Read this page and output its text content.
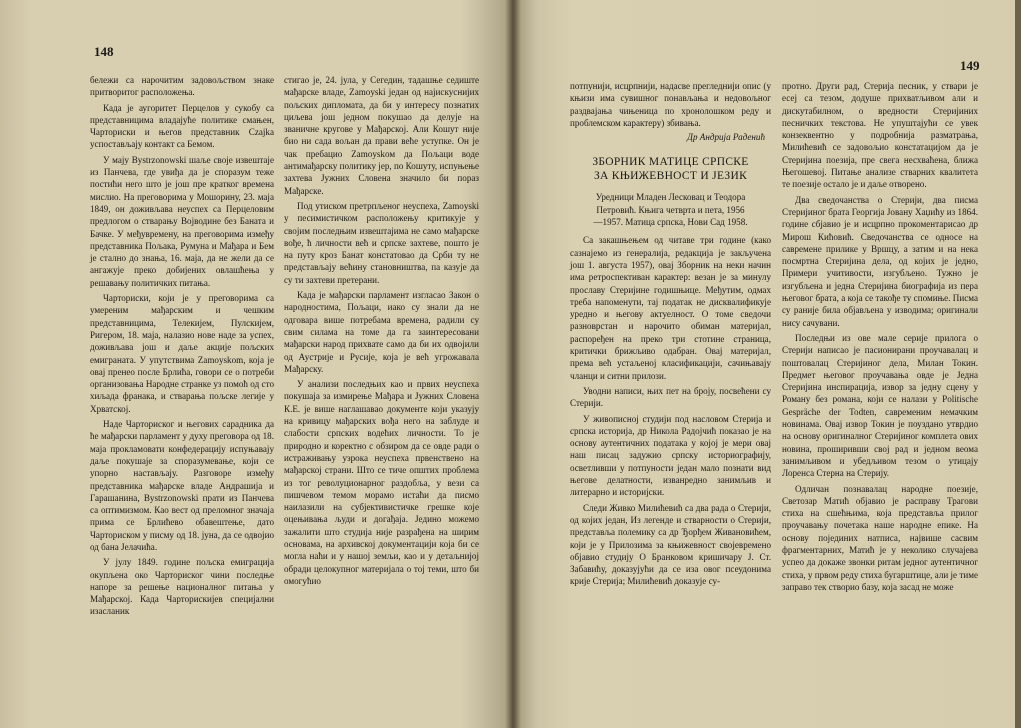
148

бележи са нарочитим задовољством знаке притворитог расположења.

Када је аугоритет Перцелов у сукобу са представницима владајуће политике смањен, Чарториски и његов представник Czajka успостављају контакт са Бемом.

У мају Bystrzonowski шаље своје извештаје из Панчева, где увиђа да је споразум теже постићи него што је још пре кратког времена мислио. На преговорима у Мошорину, 23. маја 1849, он доживљава неуспех са Перцеловим предлогом о стварању Војводине без Баната и Бачке. У међувремену, на преговорима између представника Пољака, Румуна и Мађара и Бем је стално до знања, 16. маја, да не жели да се ангажује преко добијених овлашћења у решавању политичких питања.

Чарториски, који је у преговорима са умереним мађарским и чешким представницима, Телекијем, Пулскијем, Ригером, 18. маја, налазио нове наде за успех, доживљава још и даље акције пољских емиграната. У упутствима Zamoyskom, која је овај пренео после Брлића, говори се о потреби организовања Народне странке уз помоћ од сто хиљада франака, и стварања пољске легије у Хрватској.

Наде Чарториског и његових сарадника да ће мађарски парламент у духу преговора од 18. маја прокламовати конфедерацију испуњавају даље покушаје за споразумевање, који се упорно настављају. Разговоре између представника мађарске владе Андрашија и Гарашанина, Bystrzonowski прати из Панчева са оптимизмом. Као вест од преломног значаја прима се Брлићево обавештење, дато Чарториском у писму од 18. јуна, да се одвојио од бана Јелачића.

У јулу 1849. године пољска емиграција окупљена око Чарториског чини последње напоре за решење националног питања у Мађарској. Када Чарторискијев специјални изасланик

стигао је, 24. јула, у Сегедин, тадашње седиште мађарске владе, Zamoyski један од најискуснијих пољских дипломата, да би у интересу познатих циљева још једном покушао да делује на званичне кругове у Мађарској. Али Кошут није био ни сада вољан да прави веће уступке. Он је чак пребацио Zamoyskом да Пољаци воде антимађарску политику јер, по Кошуту, испуњење захтева Јужних Словена значило би пораз Мађарске.

Под утиском претрпљеног неуспеха, Zamoyski у песимистичком расположењу критикује у својим последњим извештајима не само мађарске вође, ћ личности већ и српске захтеве, пошто је на путу кроз Банат констатовао да Срби ту не представљају већину становништва, па казује да су ти захтеви претерани.

Када је мађарски парламент изгласао Закон о народностима, Пољаци, иако су знали да не одговара више потребама времена, радили су свим силама на томе да га заинтересовани мађарски народ прихвате само да би их одвојили од Аустрије и Русије, која је већ угрожавала Мађарску.

У анализи последњих као и првих неуспеха покушаја за измирење Мађара и Јужних Словена К.Е. је више наглашавао документе који указују на кривицу мађарских вођа него на заблуде и слабости српских водећих личности. То је природно и коректно с обзиром да се овде ради о истраживању узрока неуспеха првенствено на мађарској страни. Што се тиче општих проблема из тог револуционарног раздобља, у вези са пишчевом темом морамо истаћи да писмо наилазили на субјективистичке грешке које оцењивања људи и догађаја. Једино можемо зажалити што студија није разрађена на ширим основама, на архивској документацији која би се могла наћи и у нашој земљи, као и у детаљнијој обради целокупног материјала о тој теми, што би омогућио

149

потпунији, исцрпнији, надасве прегледнији опис (у књизи има сувишног понављања и недовољног раздвајања чињеница по хронолошком реду и проблемском карактеру) збивања.

Др Андрија Раденић
ЗБОРНИК МАТИЦЕ СРПСКЕ
ЗА КЊИЖЕВНОСТ И ЈЕЗИК
Уредници Младен Лесковац и Теодора
Петровић. Књига четврта и пета, 1956
—1957. Матица српска, Нови Сад 1958.

Са закашњењем од читаве три године (како сазнајемо из генералија, редакција је закључена још 1. августа 1957), овај Зборник на неки начин има ретроспективан карактер: везан је за минулу прославу Стеријине годишњице. Међутим, одмах треба напоменути, тај податак не дисквалификује уредно и његову актуелност. О томе сведочи разноврстан и нарочито обиман материјал, распоређен на преко три стотине страница, критички брижљиво одабран. Овај материјал, према већ устаљеној класификацији, сачињавају чланци и ситни прилози.

Уводни написи, њих пет на броју, посвећени су Стерији.

У живописној студији под насловом Стерија и српска историја, др Никола Радојчић показао је на основу аутентичних података у којој је мери овај наш писац задужио српску историографију, осветливши у потпуности један мало познати вид његове делатности, изванредно занимљив и литерарно и историјски.

Следи Живко Милићевић са два рада о Стерији, од којих један, Из легенде и стварности о Стерији, представља полемику са др Ђорђем Живановићем, који је у Прилозима за књижевност својевремено објавио студију О Бранковом кришичару Ј. Ст. Забавићу, доказујући да се иза овог псеудонима крије Стерија; Милићевић доказује су-

протно. Други рад, Стерија песник, у ствари је есеј са тезом, додуше прихватљивом али и дискутабилном, о вредности Стеријиних песничких текстова. Не упуштајући се увек конзеквентно у подробнија разматрања, Милићевић се задовољио констатацијом да је Стеријина поезија, пре свега несхваћена, ближа Његошевој. Питање анализе стварних квалитета те поезије остало је и даље отворено.

Два сведочанства о Стерији, два писма Стеријиног брата Георгија Јовану Хаџићу из 1864. године сбјавио је и исцрпно прокоментарисао др Мирош Кићовић. Сведочанства се односе на савремене прилике у Вршцу, а затим и на нека посмртна Стеријина дела, од којих је једно, Примери учитивости, изгубљено. Тужно је изгубљена и једна Стеријина биографија из пера његовог брата, а која се такође ту спомиње. Писма су раније била објављена у изводима; оригинали нису сачувани.

Последњи из ове мале серије прилога о Стерији написао је пасионирани проучавалац и поштовалац Стеријиног дела, Милан Токин. Предмет његовог проучавања овде је Једна Стеријина инспирација, извор за једну сцену у Роману без романа, који се налази у Politische Gespräche der Todten, савременим немачким новинама. Овај извор Токин је поуздано утврдио на основу оригиналног Стеријиног комплета ових новина, проширивши свој рад и једном веома занимљивом и убедљивом тезом о утицају Лоренса Стерна на Стерију.

Одличан познавалац народне поезије, Светозар Матић објавио је расправу Трагови стиха на сшећњима, која представља прилог проучавању почетака наше народне епике. На основу појединих натписа, највише сасвим фрагментарних, Матић је у неколико случајева успео да докаже звонки ритам једног аутентичног стиха, у првом реду стиха бугарштице, али је тиме заправо тек створио базу, која засад не може
